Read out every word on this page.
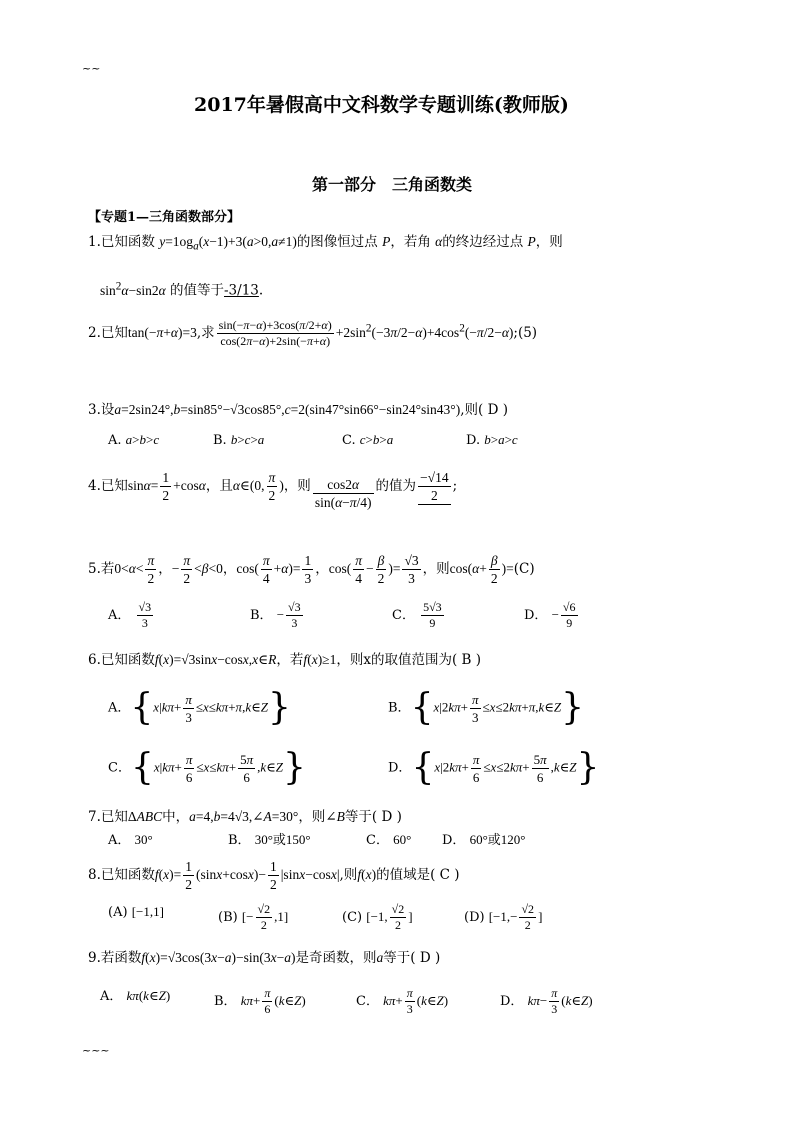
~~
2017年暑假高中文科数学专题训练(教师版)
第一部分　三角函数类
【专题1—三角函数部分】
1.已知函数 $y=1og_a(x-1)+3(a>0,a\ne 1)$的图像恒过点 P，若角 α的终边经过点 P，则
$\sin^2\alpha-\sin 2\alpha$ 的值等于-3/13.
2.已知tan(−π+α)=3,求 $\frac{\sin(-\pi-\alpha)+3\cos(\pi/2+\alpha)}{\cos(2\pi-\alpha)+2\sin(-\pi+\alpha)}$ $+2\sin^2(-3\pi/2-\alpha)+4\cos^2(-\pi/2-\alpha);(5)$
3.设a=2sin24°,b=sin85°−√3cos85°,c=2(sin47°sin66°−sin24°sin43°),则( D )
A. a>b>c	B. b>c>a	C. c>b>a	D. b>a>c
4.已知$\sin\alpha= \frac{1}{2} +\cos\alpha$，且α∈(0, $\frac{\pi}{2}$ )，则 $\frac{\cos 2\alpha}{\sin(\alpha-\pi/4)}$ 的值为 $\frac{-√14}{2}$ ;
5.若$0<\alpha< \frac{\pi}{2}$ ，− $\frac{\pi}{2} <\beta<0$，$\cos( \frac{\pi}{4} +\alpha)= \frac{1}{3}$ ，$\cos( \frac{\pi}{4} - \frac{\beta}{2}$ )= $\frac{√3}{3}$ ，则$\cos(\alpha+ \frac{\beta}{2} )=(C)$
A． $\frac{√3}{3}$	B． − $\frac{√3}{3}$	C． $\frac{5√3}{9}$	D． − $\frac{√6}{9}$
6.已知函数f(x)=√3sinx−cosx,x∈R，若f(x)≥1，则x的取值范围为( B )
A．{$x|k\pi+ \frac{\pi}{3}$ ≤x≤kπ+π,k∈Z}	B．{$x|2k\pi+ \frac{\pi}{3}$ ≤x≤2kπ+π,k∈Z}
C．{$x|k\pi+ \frac{\pi}{6} \le x\le k\pi+ \frac{5\pi}{6}$ ,k∈Z}	D．{$x|2k\pi+ \frac{\pi}{6} \le x\le 2k\pi+ \frac{5\pi}{6}$ ,k∈Z}
7.已知ΔABC中，a=4,b=4√3,∠A=30°，则∠B等于( D )
A． 30°	B． 30°或150°	C． 60° D． 60°或120°
8.已知函数$f(x)= \frac{1}{2} (\sin x+\cos x)- \frac{1}{2} |\sin x-\cos x|$,则f(x)的值域是( C )
(A) [−1,1]	(B) [− $\frac{√2}{2} ,1$]	(C) [−1, $\frac{√2}{2}$ ]	(D) [$-1,- \frac{√2}{2}$ ]
9.若函数f(x)=√3cos(3x−a)−sin(3x−a)是奇函数，则a等于( D )
A． kπ(k∈Z)	B． $k\pi+ \frac{\pi}{6}$ (k∈Z)	C． $k\pi+ \frac{\pi}{3}$ (k∈Z)	D． $k\pi- \frac{\pi}{3}$ (k∈Z)
~~~
